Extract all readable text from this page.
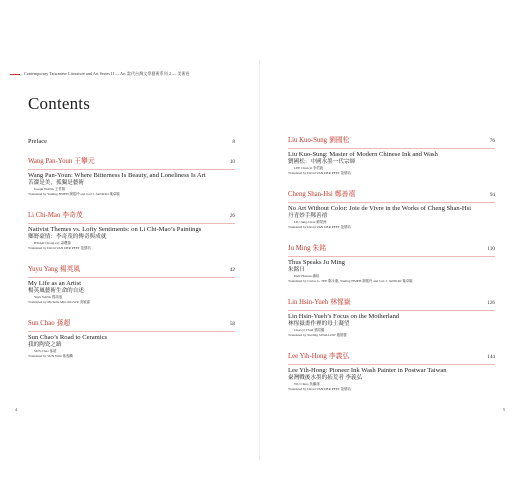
Contemporary Taiwanese Literature and Art Series II — Art 當代台灣文學藝術系列 2 — 美術卷
Contents
Preface	8
Wang Pan-Youn 王攀元	10
Wang Pan-Youn: Where Bitterness Is Beauty, and Loneliness Is Art
苦澀是美，孤獨是藝術
Joseph WANG 王哲雄
Translated by Yauling HSIEH 謝瑤玲 and Joel J. JANICKI 葉卓毓
Li Chi-Mao 李奇茂	26
Nativist Themes vs. Lofty Sentiments: on Li Chi-Mao’s Paintings
鄉野豪情：李奇茂的傳奇與成就
HSIAO Chong-ray 蕭瓊瑞
Translated by David VAN DER PEET 范德培
Yuyu Yang 楊英風	42
My Life as an Artist
楊英風藝術生命的自述
Yuyu YANG 楊英風
Translated by Michelle Min-chia WU 吳敏嘉
Sun Chao 孫超	58
Sun Chao’s Road to Ceramics
我的陶瓷之路
SUN Chao 孫超
Translated by SUN Yilin 孫逸麟
Liu Kuo-Sung 劉國松	76
Liu Kuo-Sung: Master of Modern Chinese Ink and Wash
劉國松：中國水墨一代宗師
LEE Chun-yi 李君毅
Translated by David VAN DER PEET 范德培
Cheng Shan-Hsi 鄭善禧	94
No Art Without Color: Joie de Vivre in the Works of Cheng Shan-Hsi
丹青妙手鄭善禧
LIU Jung-Chou 劉榮洲
Translated by David VAN DER PEET 范德培
Ju Ming 朱銘	110
Thus Speaks Ju Ming
朱銘曰
PAN Housan 潘煊
Translated by Carlos G. TEE 鄭永康, Yauling HSIEH 謝瑤玲 and Joel J. JANICKI 葉卓毓
Lin Hsin-Yueh 林惺嶽	126
Lin Hsin-Yueh’s Focus on the Motherland
林惺嶽畫作裡的母土凝望
Chao-yi TSAI 蔡昭儀
Translated by Sterling SWALLOW 施德蕾
Lee Yih-Hong 李義弘	144
Lee Yih-Hong: Pioneer Ink Wash Painter in Postwar Taiwan
臺灣戰後水墨的拓荒者 李義弘
WU Chiao 吳繼濤
Translated by David VAN DER PEET 范德培
4	5
